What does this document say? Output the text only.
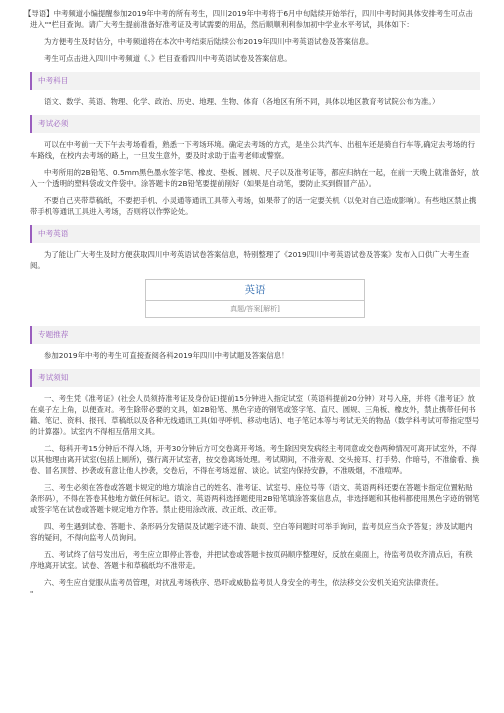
【导语】中考频道小编提醒参加2019年中考的所有考生，四川2019年中考将于6月中旬陆续开始举行，四川中考时间具体安排考生可点击进入""栏目查询。请广大考生提前准备好准考证及考试需要的用品，然后顺顺利利参加初中学业水平考试，具体如下：

为方便考生及时估分，中考频道将在本次中考结束后陆续公布2019年四川中考英语试卷及答案信息。

考生可点击进入四川中考频道《、》栏目查看四川中考英语试卷及答案信息。

中考科目

语文、数学、英语、物理、化学、政治、历史、地理、生物、体育（各地区有所不同，具体以地区教育考试院公布为准。）

考试必须

可以在中考前一天下午去考场看看，熟悉一下考场环境。确定去考场的方式，是坐公共汽车、出租车还是骑自行车等,确定去考场的行车路线，在校内去考场的路上，一旦发生意外，要及时求助于监考老师或警察。

中考所用的2B铅笔、0.5mm黑色墨水签字笔、橡皮、垫板、圆规、尺子以及准考证等，都应归纳在一起，在前一天晚上就准备好，放入一个透明的塑料袋或文件袋中。涂答题卡的2B铅笔要提前削好（如果是自动笔，要防止买到假冒产品）。

不要自己夹带草稿纸，不要把手机、小灵通等通讯工具带入考场，如果带了的话一定要关机（以免对自己造成影响）。有些地区禁止携带手机等通讯工具进入考场，否则将以作弊论处。

中考英语

为了能让广大考生及时方便获取四川中考英语试卷答案信息，特别整理了《2019四川中考英语试卷及答案》发布入口供广大考生查阅。

英语
真题/答案[解析]
专题推荐

参加2019年中考的考生可直接查阅各科2019年四川中考试题及答案信息！

考试须知

一、考生凭《准考证》(社会人员须持准考证及身份证)提前15分钟进入指定试室（英语科提前20分钟）对号入座，并将《准考证》放在桌子左上角，以便查对。考生除带必要的文具，如2B铅笔、黑色字迹的钢笔或签字笔、直尺、圆规、三角板、橡皮外，禁止携带任何书籍、笔记、资料、报刊、草稿纸以及各种无线通讯工具(如寻呼机、移动电话)、电子笔记本等与考试无关的物品（数学科考试可带指定型号的计算器）。试室内不得相互借用文具。

二、每科开考15分钟后不得入场，开考30分钟后方可交卷离开考场。考生除因突发病经主考同意或交卷两种情况可离开试室外，不得以其他理由离开试室(包括上厕所)，强行离开试室者，按交卷离场处理。考试期间，不准旁观、交头接耳、打手势、作暗号，不准偷看、换卷、冒名顶替、抄袭或有意让他人抄袭，交卷后，不得在考场逗留、谈论。试室内保持安静，不准吸烟，不准喧哗。

三、考生必须在答卷或答题卡规定的地方填涂自己的姓名、准考证、试室号、座位号等（语文、英语两科还要在答题卡指定位置粘贴条形码），不得在答卷其他地方做任何标记。语文、英语两科选择题使用2B铅笔填涂答案信息点，非选择题和其他科都使用黑色字迹的钢笔或签字笔在试卷或答题卡规定地方作答。禁止使用涂改液、改正纸、改正带。

四、考生遇到试卷、答题卡、条形码分发错误及试题字迹不清、缺页、空白等问题时可举手询问，监考员应当众予答复；涉及试题内容的疑问，不得向监考人员询问。

五、考试终了信号发出后，考生应立即停止答卷，并把试卷或答题卡按页码顺序整理好，反放在桌面上，待监考员收齐清点后，有秩序地离开试室。试卷、答题卡和草稿纸均不准带走。

六、考生应自觉服从监考员管理，对扰乱考场秩序、恐吓或威胁监考员人身安全的考生，依法移交公安机关追究法律责任。

"
